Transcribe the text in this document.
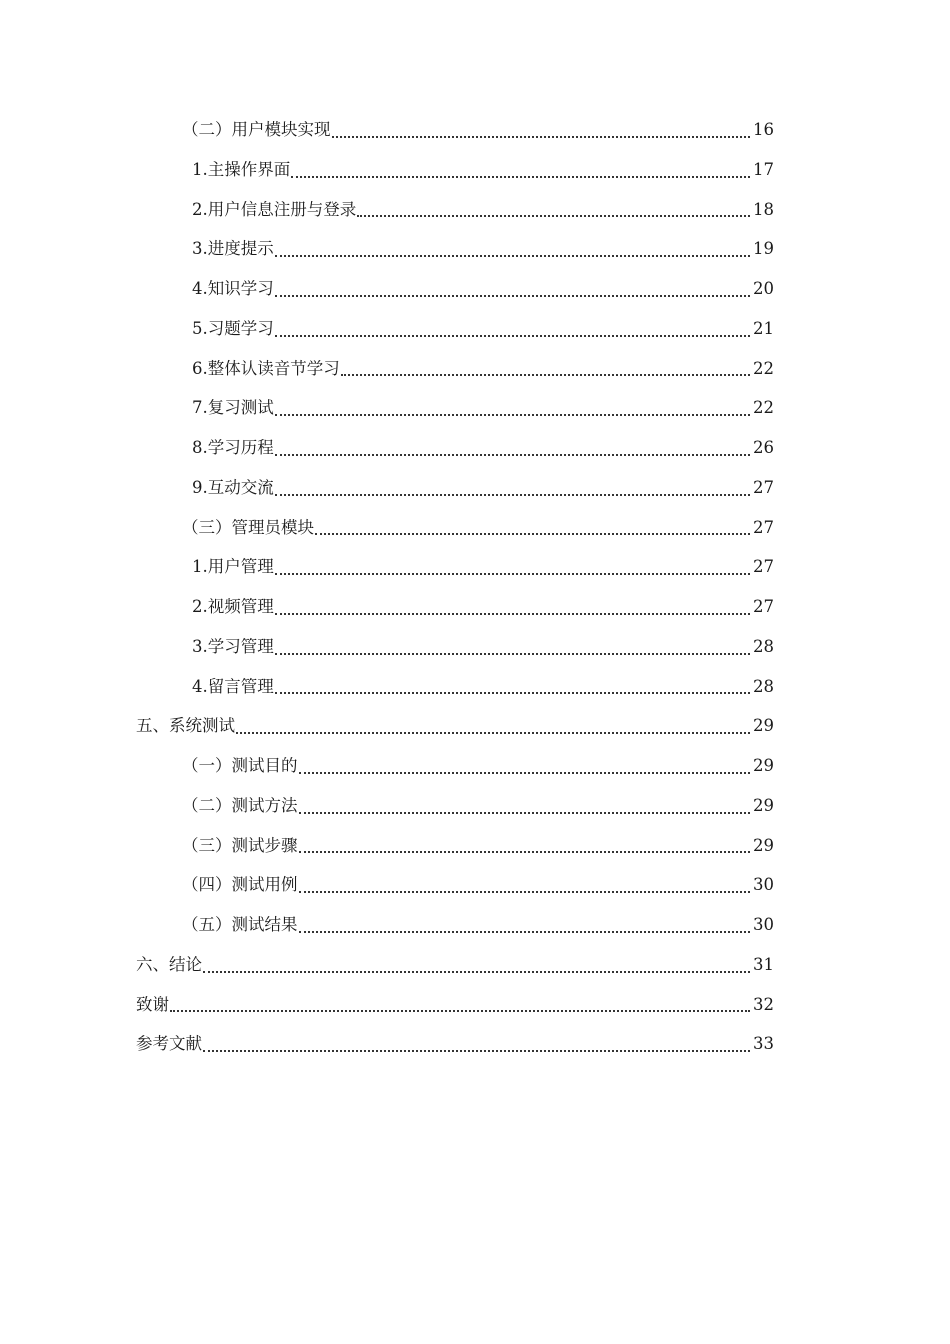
（二）用户模块实现	16
1.主操作界面	17
2.用户信息注册与登录	18
3.进度提示	19
4.知识学习	20
5.习题学习	21
6.整体认读音节学习	22
7.复习测试	22
8.学习历程	26
9.互动交流	27
（三）管理员模块	27
1.用户管理	27
2.视频管理	27
3.学习管理	28
4.留言管理	28
五、系统测试	29
（一）测试目的	29
（二）测试方法	29
（三）测试步骤	29
（四）测试用例	30
（五）测试结果	30
六、结论	31
致谢	32
参考文献	33
